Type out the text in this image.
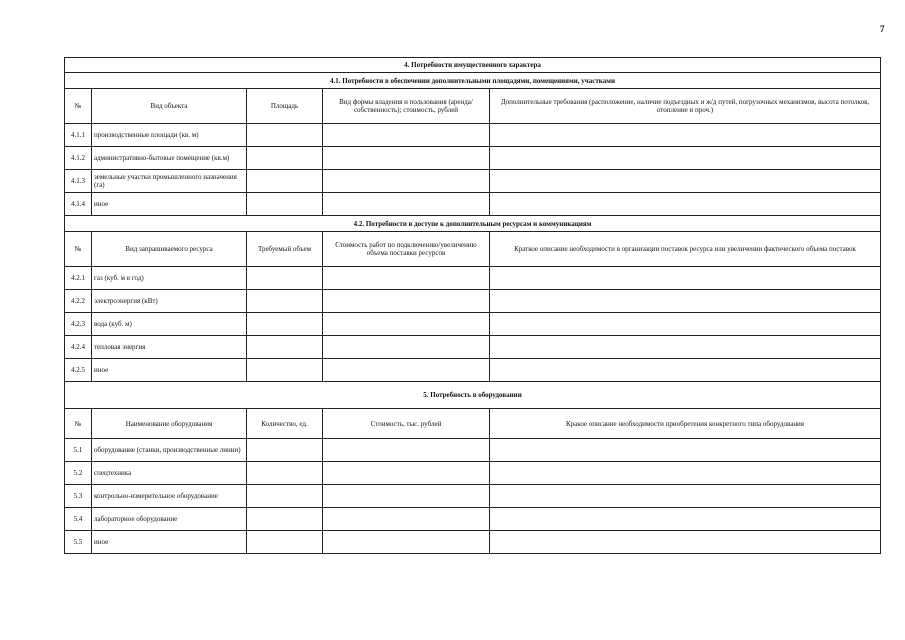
7
4. Потребности имущественного характера				
4.1. Потребности в обеспечении дополнительными площадями, помещениями, участками				
№	Вид объекта	Площадь	Вид формы владения и пользования (аренда/собственность); стоимость, рублей	Дополнительные требования (расположение, наличие подъездных и ж/д путей, погрузочных механизмов, высота потолков, отопление и проч.)
4.1.1	производственные площади (кв. м)			
4.1.2	административно-бытовые помещение (кв.м)			
4.1.3	земельные участки промышленного назначения (га)			
4.1.4	иное			
4.2. Потребности в доступе к дополнительным ресурсам и коммуникациям				
№	Вид запрашиваемого ресурса	Требуемый объем	Стоимость работ по подключению/увеличению объема поставки ресурсов	Краткое описание необходимости в организации поставок ресурса или увеличении фактического объема поставок
4.2.1	газ (куб. м в год)			
4.2.2	электроэнергия (кВт)			
4.2.3	вода (куб. м)			
4.2.4	тепловая энергия			
4.2.5	иное			
5. Потребность в оборудовании				
№	Наименование оборудования	Количество, ед.	Стоимость, тыс. рублей	Кракое описание необходимости приобретения конкретного типа оборудования
5.1	оборудование (станки, производственные линии)			
5.2	спецтехника			
5.3	контрольно-измерительное оборудование			
5.4	лабораторное оборудование			
5.5	иное			
